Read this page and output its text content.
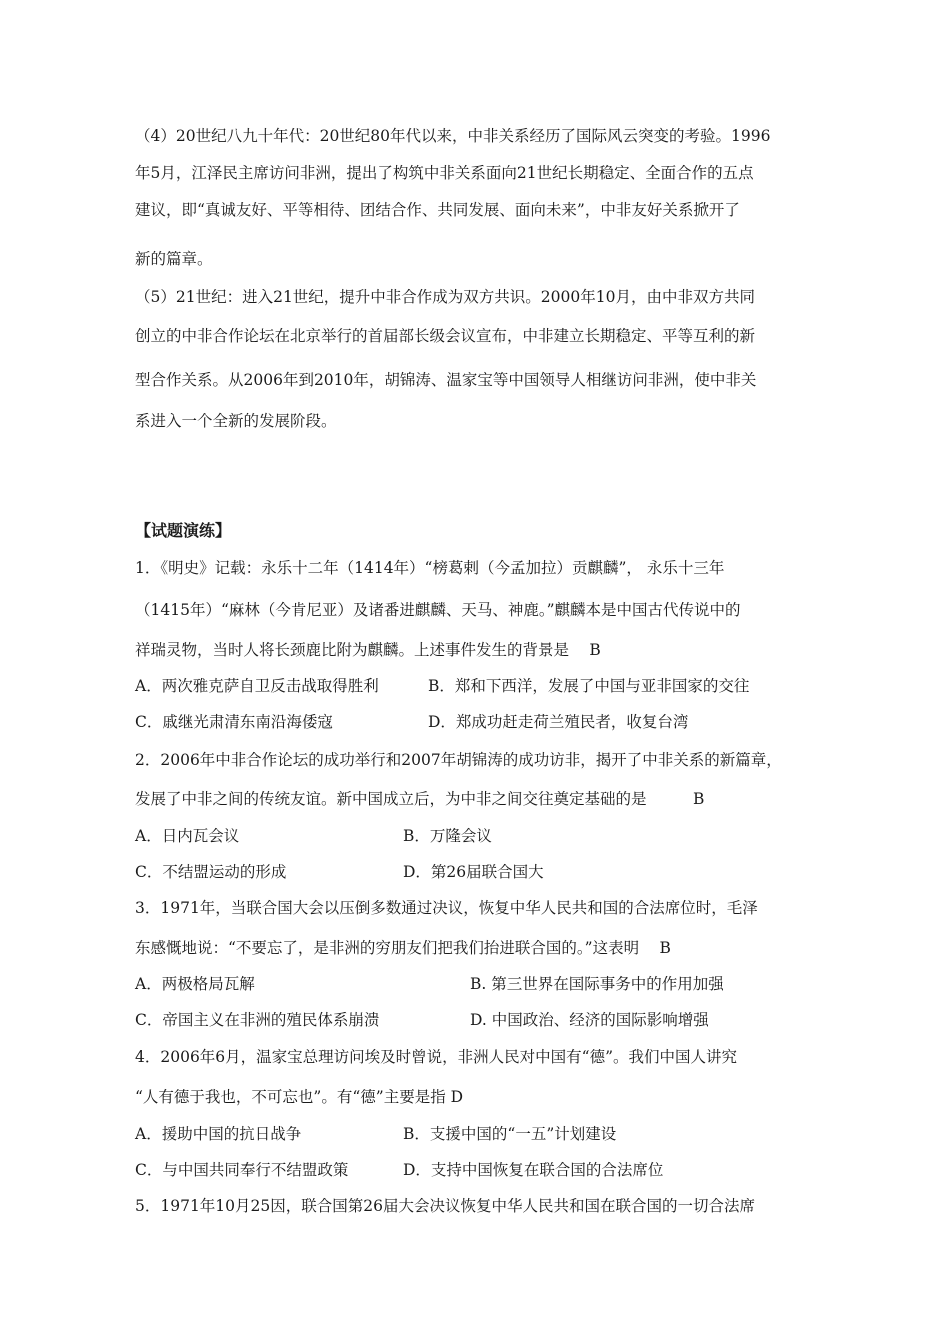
（4）20世纪八九十年代：20世纪80年代以来，中非关系经历了国际风云突变的考验。1996
年5月，江泽民主席访问非洲，提出了构筑中非关系面向21世纪长期稳定、全面合作的五点
建议，即“真诚友好、平等相待、团结合作、共同发展、面向未来”，中非友好关系掀开了
新的篇章。
（5）21世纪：进入21世纪，提升中非合作成为双方共识。2000年10月，由中非双方共同
创立的中非合作论坛在北京举行的首届部长级会议宣布，中非建立长期稳定、平等互利的新
型合作关系。从2006年到2010年，胡锦涛、温家宝等中国领导人相继访问非洲，使中非关
系进入一个全新的发展阶段。
【试题演练】
1．《明史》记载：永乐十二年（1414年）“榜葛剌（今孟加拉）贡麒麟”， 永乐十三年
（1415年）“麻林（今肯尼亚）及诸番进麒麟、天马、神鹿。”麒麟本是中国古代传说中的
祥瑞灵物，当时人将长颈鹿比附为麒麟。上述事件发生的背景是　 B
A．两次雅克萨自卫反击战取得胜利	B．郑和下西洋，发展了中国与亚非国家的交往
C．戚继光肃清东南沿海倭寇	D．郑成功赶走荷兰殖民者，收复台湾
2．2006年中非合作论坛的成功举行和2007年胡锦涛的成功访非，揭开了中非关系的新篇章，
发展了中非之间的传统友谊。新中国成立后，为中非之间交往奠定基础的是　　　B
A．日内瓦会议	B．万隆会议
C．不结盟运动的形成	D．第26届联合国大
3．1971年，当联合国大会以压倒多数通过决议，恢复中华人民共和国的合法席位时，毛泽
东感慨地说：“不要忘了，是非洲的穷朋友们把我们抬进联合国的。”这表明　 B
A．两极格局瓦解	B. 第三世界在国际事务中的作用加强
C．帝国主义在非洲的殖民体系崩溃	D. 中国政治、经济的国际影响增强
4．2006年6月，温家宝总理访问埃及时曾说，非洲人民对中国有“德”。我们中国人讲究
“人有德于我也，不可忘也”。有“德”主要是指 D
A．援助中国的抗日战争	B．支援中国的“一五”计划建设
C．与中国共同奉行不结盟政策	D．支持中国恢复在联合国的合法席位
5．1971年10月25因，联合国第26届大会决议恢复中华人民共和国在联合国的一切合法席
